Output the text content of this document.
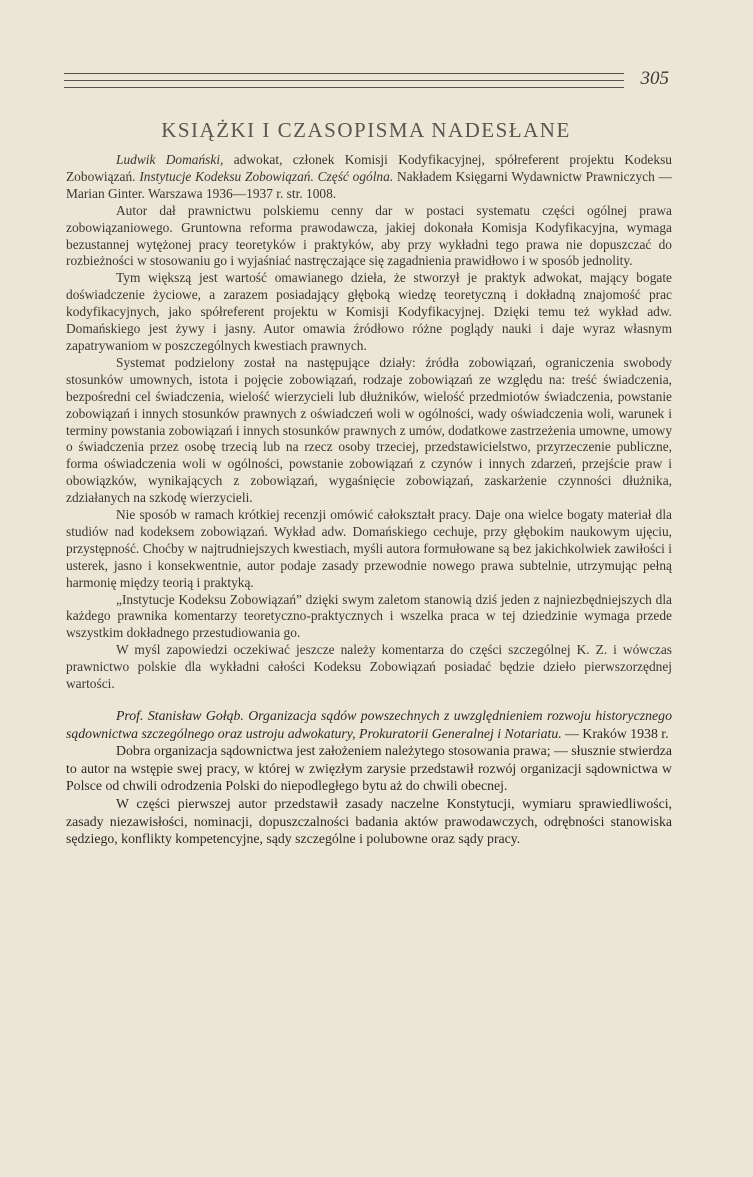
305
KSIĄŻKI I CZASOPISMA NADESŁANE

Ludwik Domański, adwokat, członek Komisji Kodyfikacyjnej, spółreferent projektu Kodeksu Zobowiązań. Instytucje Kodeksu Zobowiązań. Część ogólna. Nakładem Księgarni Wydawnictw Prawniczych — Marian Ginter. Warszawa 1936—1937 r. str. 1008.

Autor dał prawnictwu polskiemu cenny dar w postaci systematu części ogólnej prawa zobowiązaniowego. Gruntowna reforma prawodawcza, jakiej dokonała Komisja Kodyfikacyjna, wymaga bezustannej wytężonej pracy teoretyków i praktyków, aby przy wykładni tego prawa nie dopuszczać do rozbieżności w stosowaniu go i wyjaśniać nastręczające się zagadnienia prawidłowo i w sposób jednolity.

Tym większą jest wartość omawianego dzieła, że stworzył je praktyk adwokat, mający bogate doświadczenie życiowe, a zarazem posiadający głęboką wiedzę teoretyczną i dokładną znajomość prac kodyfikacyjnych, jako spółreferent projektu w Komisji Kodyfikacyjnej. Dzięki temu też wykład adw. Domańskiego jest żywy i jasny. Autor omawia źródłowo różne poglądy nauki i daje wyraz własnym zapatrywaniom w poszczególnych kwestiach prawnych.

Systemat podzielony został na następujące działy: źródła zobowiązań, ograniczenia swobody stosunków umownych, istota i pojęcie zobowiązań, rodzaje zobowiązań ze względu na: treść świadczenia, bezpośredni cel świadczenia, wielość wierzycieli lub dłużników, wielość przedmiotów świadczenia, powstanie zobowiązań i innych stosunków prawnych z oświadczeń woli w ogólności, wady oświadczenia woli, warunek i terminy powstania zobowiązań i innych stosunków prawnych z umów, dodatkowe zastrzeżenia umowne, umowy o świadczenia przez osobę trzecią lub na rzecz osoby trzeciej, przedstawicielstwo, przyrzeczenie publiczne, forma oświadczenia woli w ogólności, powstanie zobowiązań z czynów i innych zdarzeń, przejście praw i obowiązków, wynikających z zobowiązań, wygaśnięcie zobowiązań, zaskarżenie czynności dłużnika, zdziałanych na szkodę wierzycieli.

Nie sposób w ramach krótkiej recenzji omówić całokształt pracy. Daje ona wielce bogaty materiał dla studiów nad kodeksem zobowiązań. Wykład adw. Domańskiego cechuje, przy głębokim naukowym ujęciu, przystępność. Choćby w najtrudniejszych kwestiach, myśli autora formułowane są bez jakichkolwiek zawiłości i usterek, jasno i konsekwentnie, autor podaje zasady przewodnie nowego prawa subtelnie, utrzymując pełną harmonię między teorią i praktyką.

„Instytucje Kodeksu Zobowiązań” dzięki swym zaletom stanowią dziś jeden z najniezbędniejszych dla każdego prawnika komentarzy teoretyczno-praktycznych i wszelka praca w tej dziedzinie wymaga przede wszystkim dokładnego przestudiowania go.

W myśl zapowiedzi oczekiwać jeszcze należy komentarza do części szczególnej K. Z. i wówczas prawnictwo polskie dla wykładni całości Kodeksu Zobowiązań posiadać będzie dzieło pierwszorzędnej wartości.

Prof. Stanisław Gołąb. Organizacja sądów powszechnych z uwzględnieniem rozwoju historycznego sądownictwa szczególnego oraz ustroju adwokatury, Prokuratorii Generalnej i Notariatu. — Kraków 1938 r.

Dobra organizacja sądownictwa jest założeniem należytego stosowania prawa; — słusznie stwierdza to autor na wstępie swej pracy, w której w zwięzłym zarysie przedstawił rozwój organizacji sądownictwa w Polsce od chwili odrodzenia Polski do niepodległego bytu aż do chwili obecnej.

W części pierwszej autor przedstawił zasady naczelne Konstytucji, wymiaru sprawiedliwości, zasady niezawisłości, nominacji, dopuszczalności badania aktów prawodawczych, odrębności stanowiska sędziego, konflikty kompetencyjne, sądy szczególne i polubowne oraz sądy pracy.
